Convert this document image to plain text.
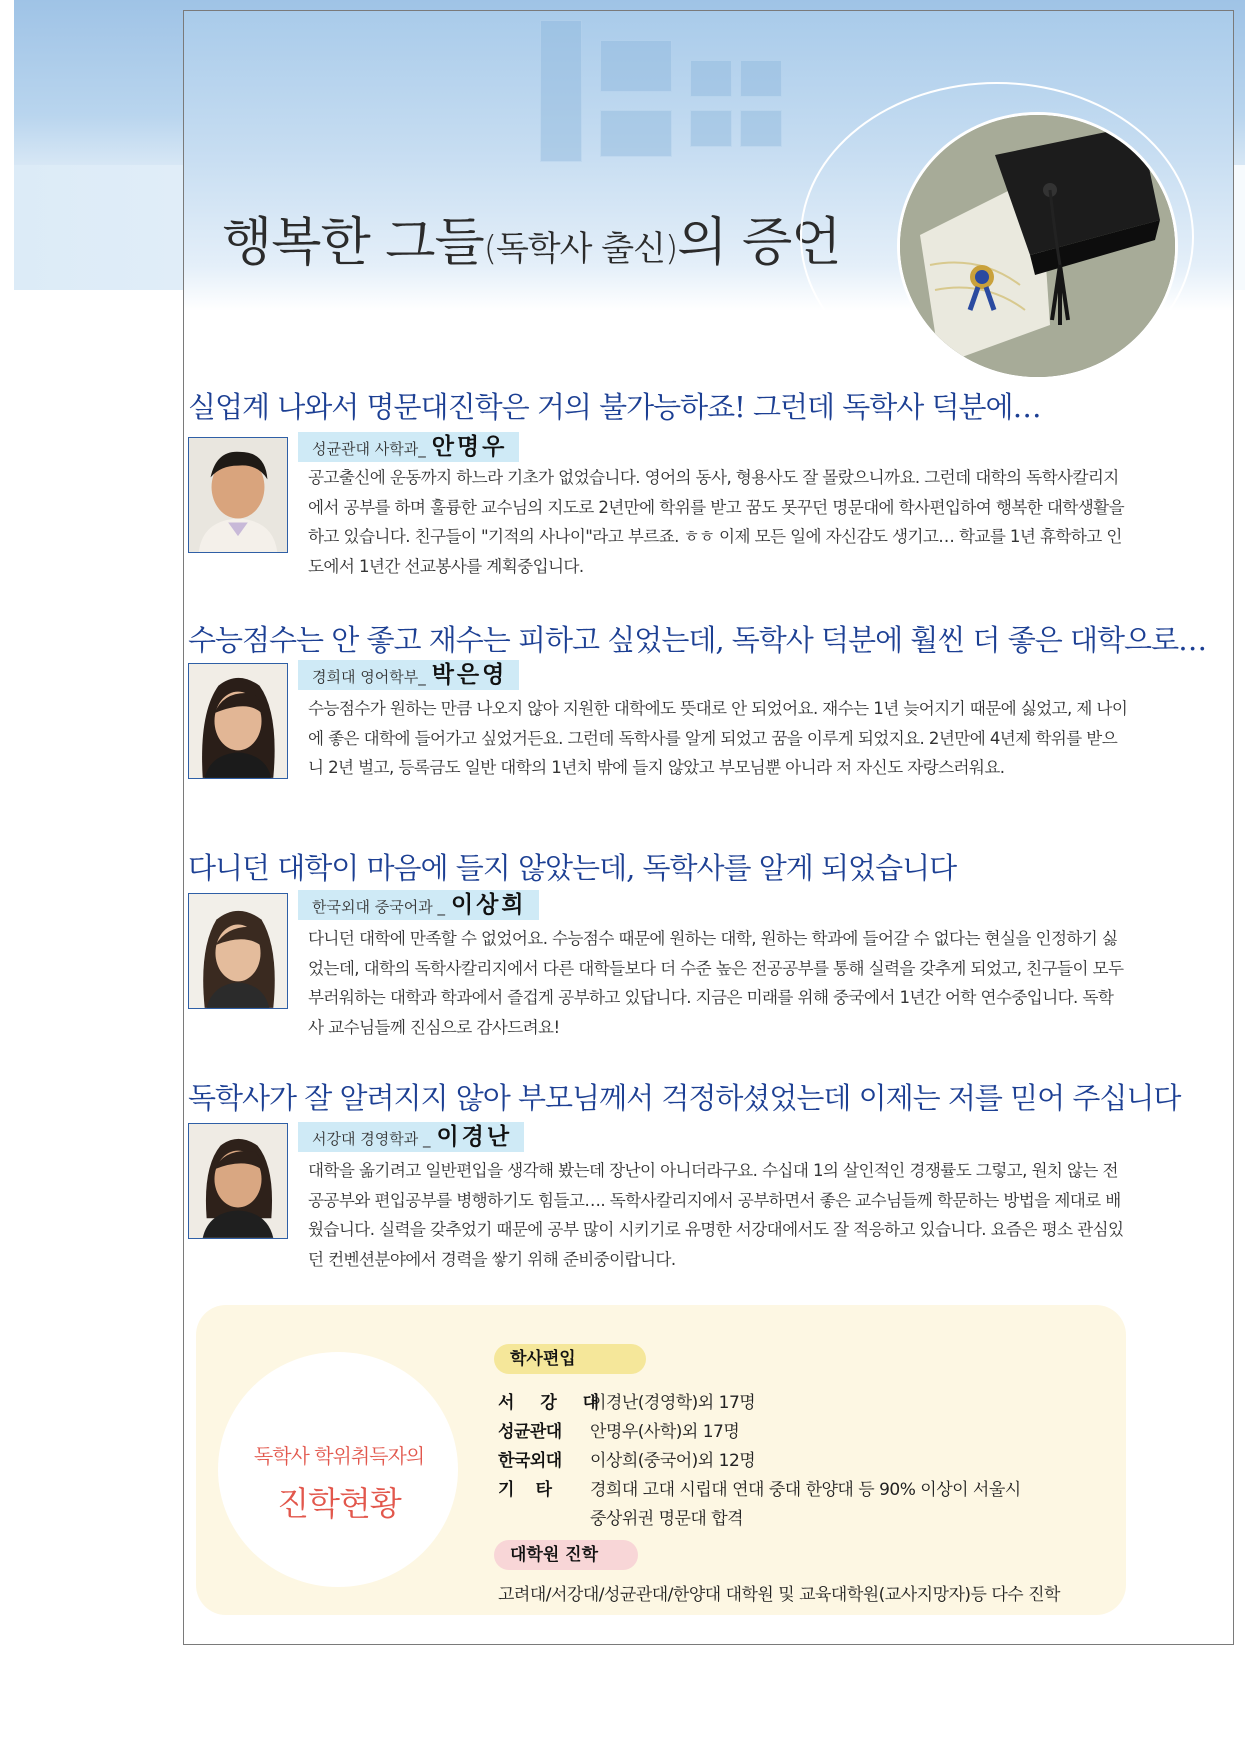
행복한 그들(독학사 출신)의 증언
실업계 나와서 명문대진학은 거의 불가능하죠! 그런데 독학사 덕분에…
성균관대 사학과_ 안명우
공고출신에 운동까지 하느라 기초가 없었습니다. 영어의 동사, 형용사도 잘 몰랐으니까요. 그런데 대학의 독학사칼리지에서 공부를 하며 훌륭한 교수님의 지도로 2년만에 학위를 받고 꿈도 못꾸던 명문대에 학사편입하여 행복한 대학생활을 하고 있습니다. 친구들이 "기적의 사나이"라고 부르죠. ㅎㅎ 이제 모든 일에 자신감도 생기고… 학교를 1년 휴학하고 인도에서 1년간 선교봉사를 계획중입니다.
수능점수는 안 좋고 재수는 피하고 싶었는데, 독학사 덕분에 훨씬 더 좋은 대학으로…
경희대 영어학부_ 박은영
수능점수가 원하는 만큼 나오지 않아 지원한 대학에도 뜻대로 안 되었어요. 재수는 1년 늦어지기 때문에 싫었고, 제 나이에 좋은 대학에 들어가고 싶었거든요. 그런데 독학사를 알게 되었고 꿈을 이루게 되었지요. 2년만에 4년제 학위를 받으니 2년 벌고, 등록금도 일반 대학의 1년치 밖에 들지 않았고 부모님뿐 아니라 저 자신도 자랑스러워요.
다니던 대학이 마음에 들지 않았는데, 독학사를 알게 되었습니다
한국외대 중국어과 _ 이상희
다니던 대학에 만족할 수 없었어요. 수능점수 때문에 원하는 대학, 원하는 학과에 들어갈 수 없다는 현실을 인정하기 싫었는데, 대학의 독학사칼리지에서 다른 대학들보다 더 수준 높은 전공공부를 통해 실력을 갖추게 되었고, 친구들이 모두 부러워하는 대학과 학과에서 즐겁게 공부하고 있답니다. 지금은 미래를 위해 중국에서 1년간 어학 연수중입니다. 독학사 교수님들께 진심으로 감사드려요!
독학사가 잘 알려지지 않아 부모님께서 걱정하셨었는데 이제는 저를 믿어 주십니다
서강대 경영학과 _ 이경난
대학을 옮기려고 일반편입을 생각해 봤는데 장난이 아니더라구요. 수십대 1의 살인적인 경쟁률도 그렇고, 원치 않는 전공공부와 편입공부를 병행하기도 힘들고…. 독학사칼리지에서 공부하면서 좋은 교수님들께 학문하는 방법을 제대로 배웠습니다. 실력을 갖추었기 때문에 공부 많이 시키기로 유명한 서강대에서도 잘 적응하고 있습니다. 요즘은 평소 관심있던 컨벤션분야에서 경력을 쌓기 위해 준비중이랍니다.
독학사 학위취득자의
진학현황
학사편입
서 강 대이경난(경영학)외 17명
성균관대 안명우(사학)외 17명
한국외대 이상희(중국어)외 12명
기    타 경희대 고대 시립대 연대 중대 한양대 등 90% 이상이 서울시
중상위권 명문대 합격
대학원 진학
고려대/서강대/성균관대/한양대 대학원 및 교육대학원(교사지망자)등 다수 진학
